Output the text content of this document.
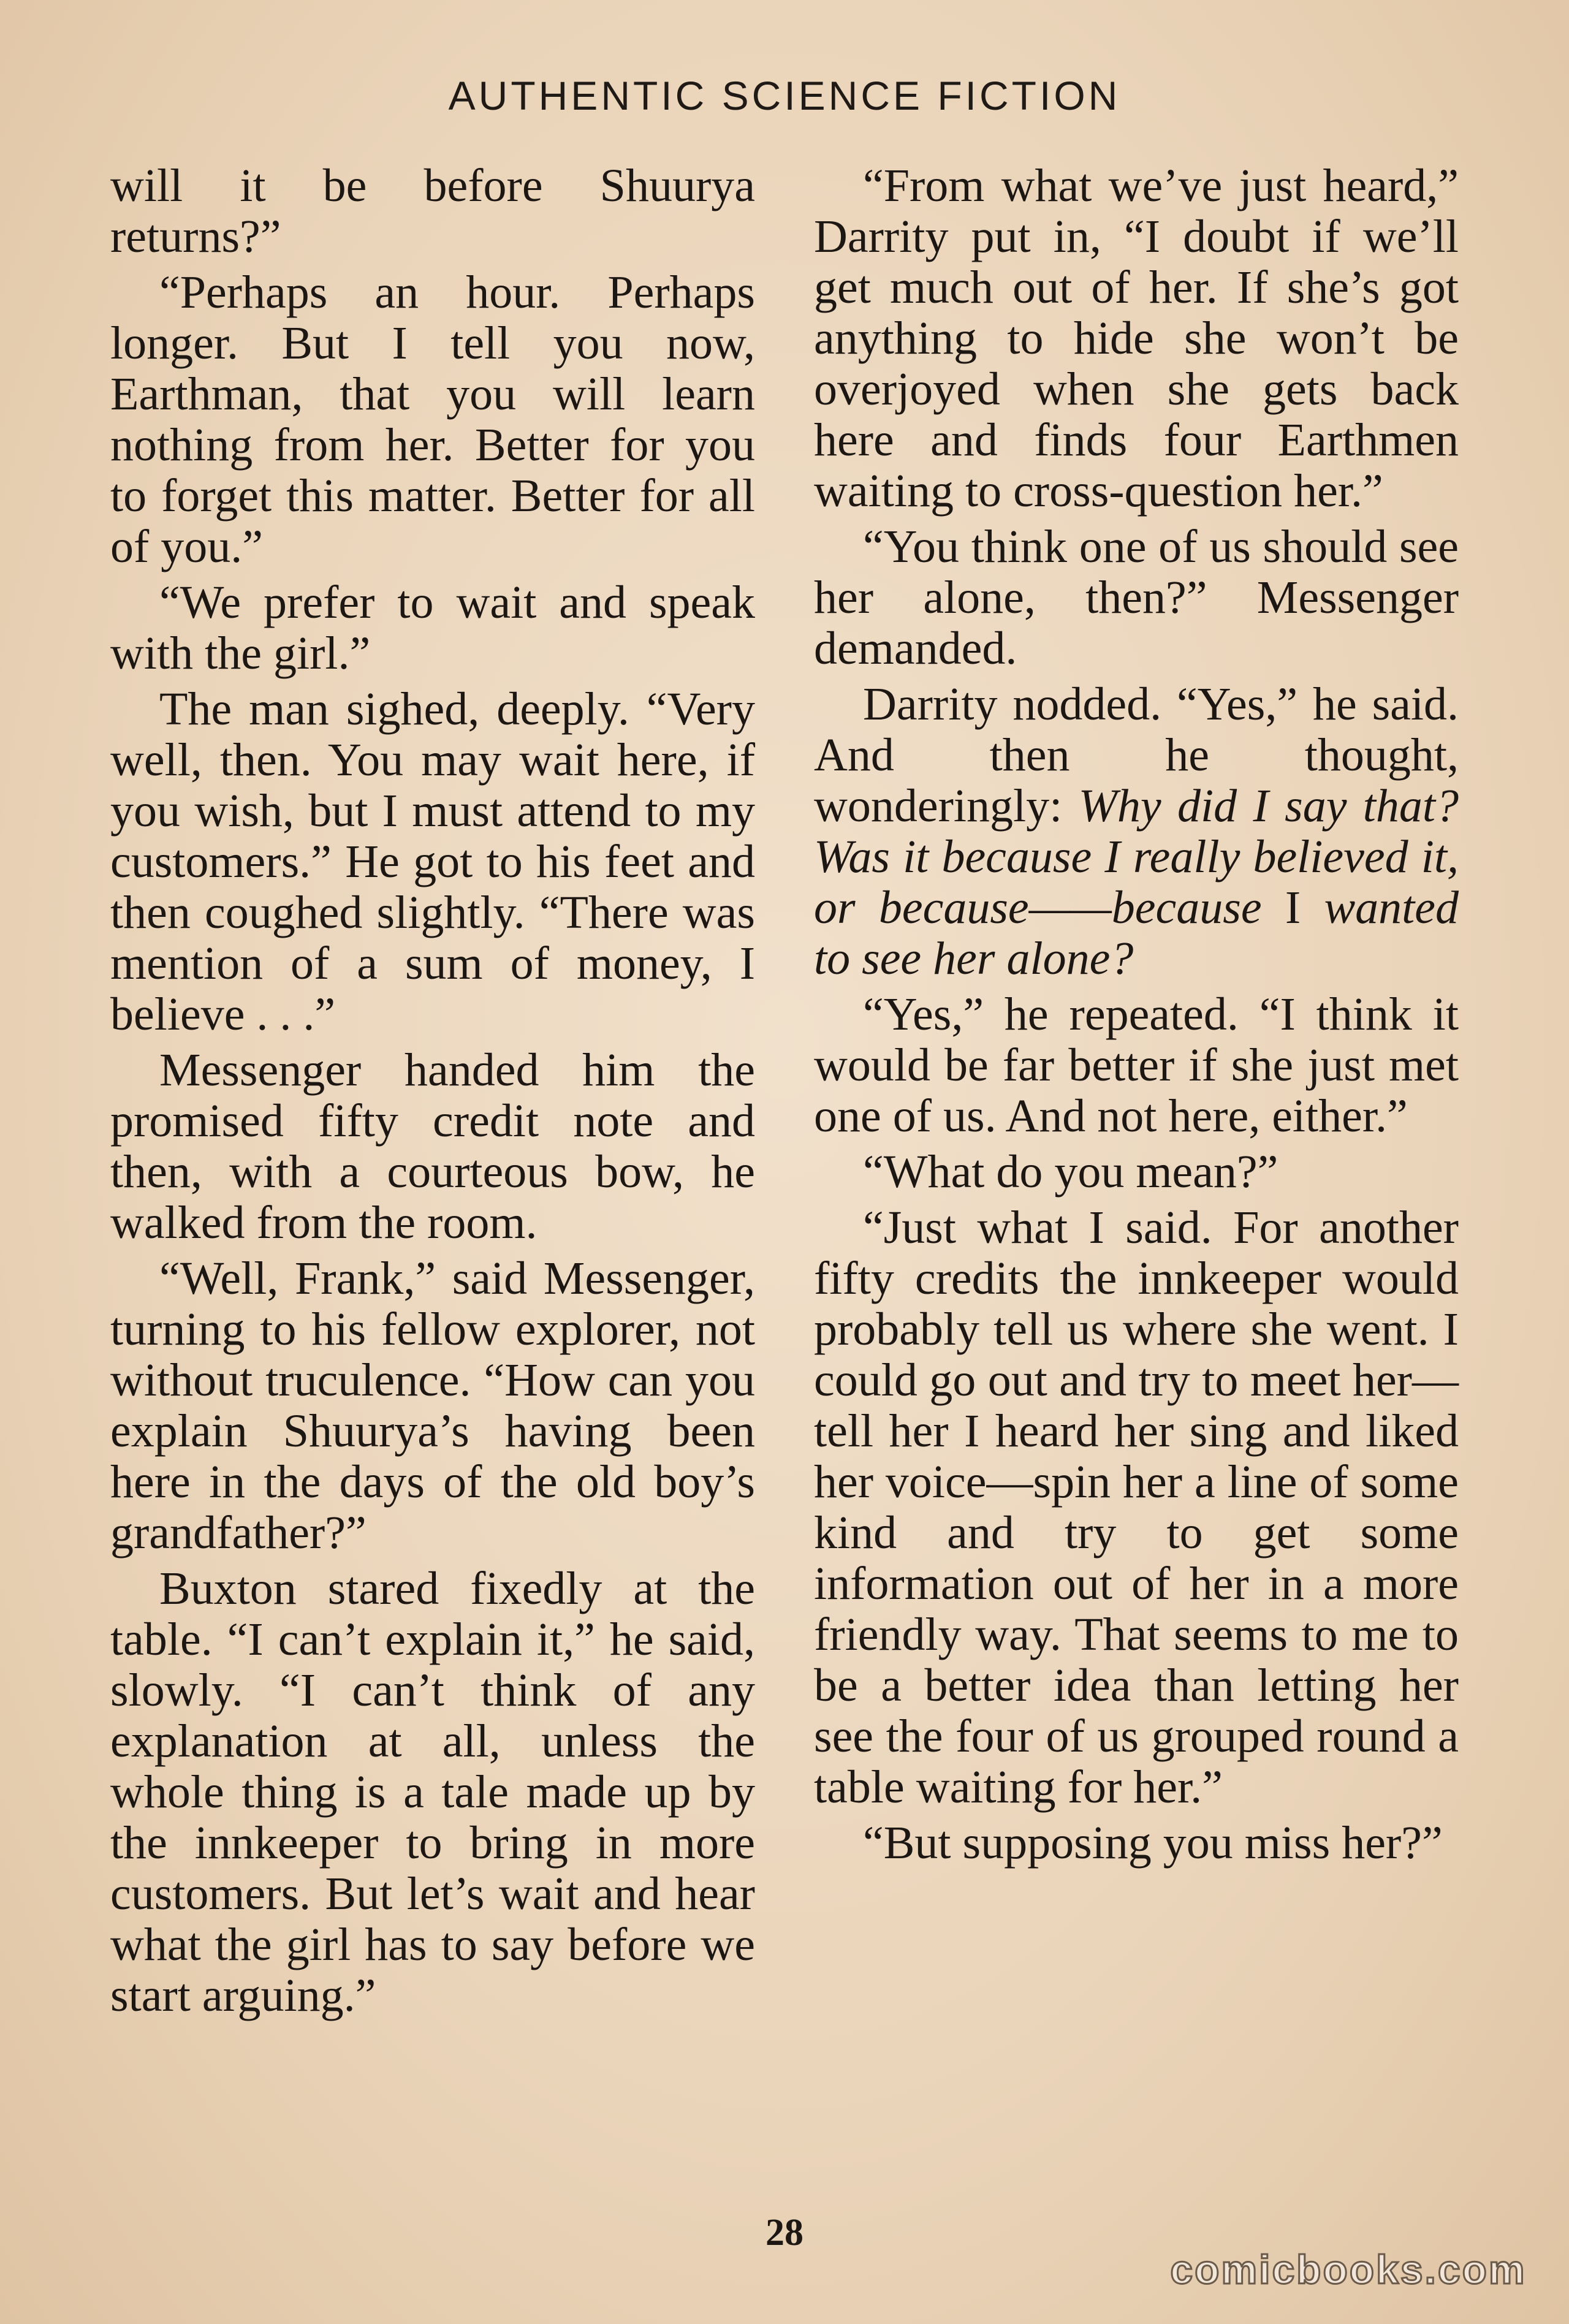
AUTHENTIC SCIENCE FICTION

will it be before Shuurya returns?”

“Perhaps an hour. Perhaps longer. But I tell you now, Earthman, that you will learn nothing from her. Better for you to forget this matter. Better for all of you.”

“We prefer to wait and speak with the girl.”

The man sighed, deeply. “Very well, then. You may wait here, if you wish, but I must attend to my customers.” He got to his feet and then coughed slightly. “There was mention of a sum of money, I believe . . .”

Messenger handed him the promised fifty credit note and then, with a courteous bow, he walked from the room.

“Well, Frank,” said Messenger, turning to his fellow explorer, not without truculence. “How can you explain Shuurya’s having been here in the days of the old boy’s grandfather?”

Buxton stared fixedly at the table. “I can’t explain it,” he said, slowly. “I can’t think of any explanation at all, unless the whole thing is a tale made up by the innkeeper to bring in more customers. But let’s wait and hear what the girl has to say before we start arguing.”

“From what we’ve just heard,” Darrity put in, “I doubt if we’ll get much out of her. If she’s got anything to hide she won’t be overjoyed when she gets back here and finds four Earthmen waiting to cross-question her.”

“You think one of us should see her alone, then?” Messenger demanded.

Darrity nodded. “Yes,” he said. And then he thought, wonderingly: Why did I say that? Was it because I really believed it, or because——because I wanted to see her alone?

“Yes,” he repeated. “I think it would be far better if she just met one of us. And not here, either.”

“What do you mean?”

“Just what I said. For another fifty credits the innkeeper would probably tell us where she went. I could go out and try to meet her—tell her I heard her sing and liked her voice—spin her a line of some kind and try to get some information out of her in a more friendly way. That seems to me to be a better idea than letting her see the four of us grouped round a table waiting for her.”

“But supposing you miss her?”

28
comicbooks.com
